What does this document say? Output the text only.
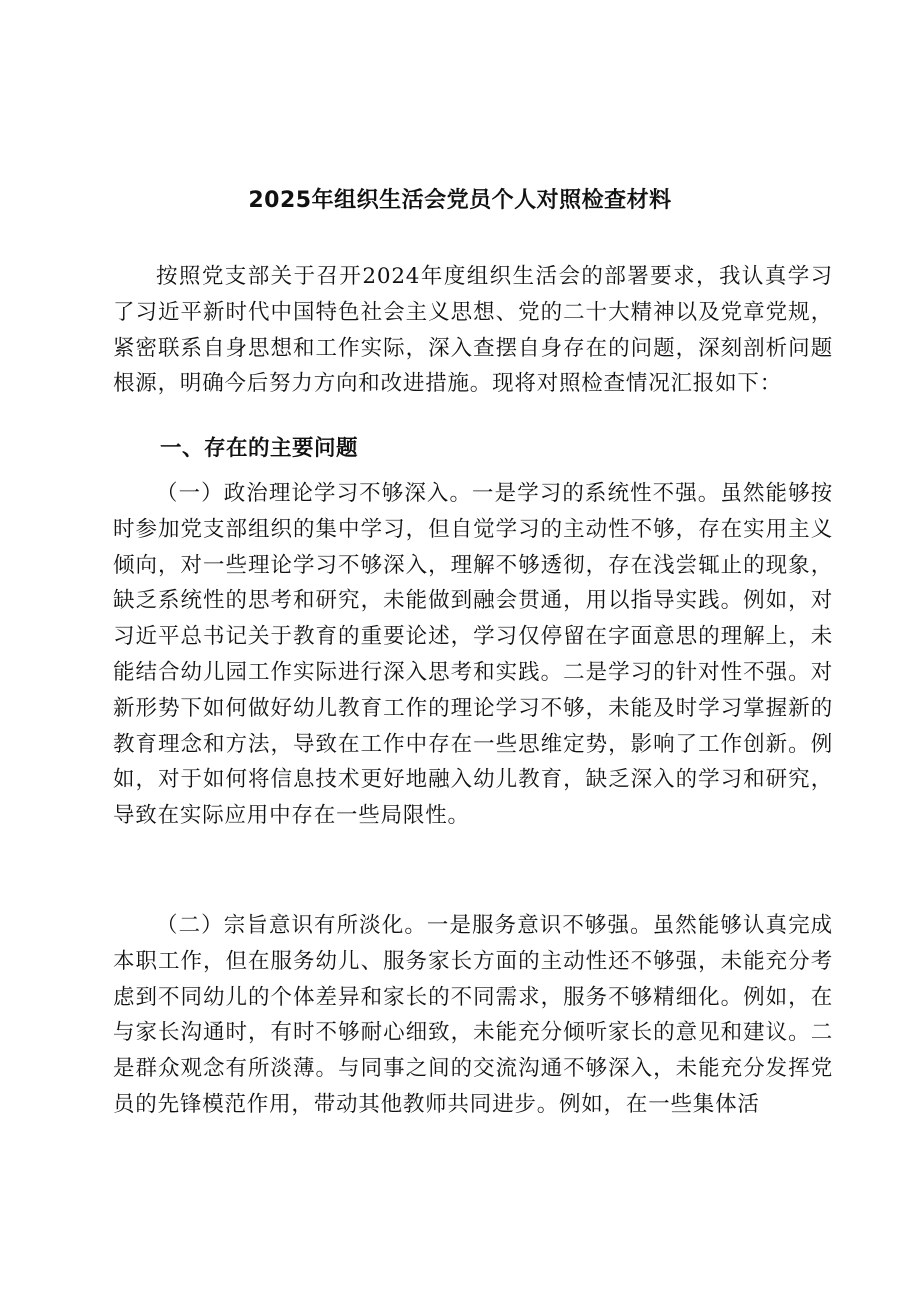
2025年组织生活会党员个人对照检查材料

按照党支部关于召开2024年度组织生活会的部署要求，我认真学习了习近平新时代中国特色社会主义思想、党的二十大精神以及党章党规，紧密联系自身思想和工作实际，深入查摆自身存在的问题，深刻剖析问题根源，明确今后努力方向和改进措施。现将对照检查情况汇报如下：

一、存在的主要问题

（一）政治理论学习不够深入。一是学习的系统性不强。虽然能够按时参加党支部组织的集中学习，但自觉学习的主动性不够，存在实用主义倾向，对一些理论学习不够深入，理解不够透彻，存在浅尝辄止的现象，缺乏系统性的思考和研究，未能做到融会贯通，用以指导实践。例如，对习近平总书记关于教育的重要论述，学习仅停留在字面意思的理解上，未能结合幼儿园工作实际进行深入思考和实践。二是学习的针对性不强。对新形势下如何做好幼儿教育工作的理论学习不够，未能及时学习掌握新的教育理念和方法，导致在工作中存在一些思维定势，影响了工作创新。例如，对于如何将信息技术更好地融入幼儿教育，缺乏深入的学习和研究，导致在实际应用中存在一些局限性。

（二）宗旨意识有所淡化。一是服务意识不够强。虽然能够认真完成本职工作，但在服务幼儿、服务家长方面的主动性还不够强，未能充分考虑到不同幼儿的个体差异和家长的不同需求，服务不够精细化。例如，在与家长沟通时，有时不够耐心细致，未能充分倾听家长的意见和建议。二是群众观念有所淡薄。与同事之间的交流沟通不够深入，未能充分发挥党员的先锋模范作用，带动其他教师共同进步。例如，在一些集体活
